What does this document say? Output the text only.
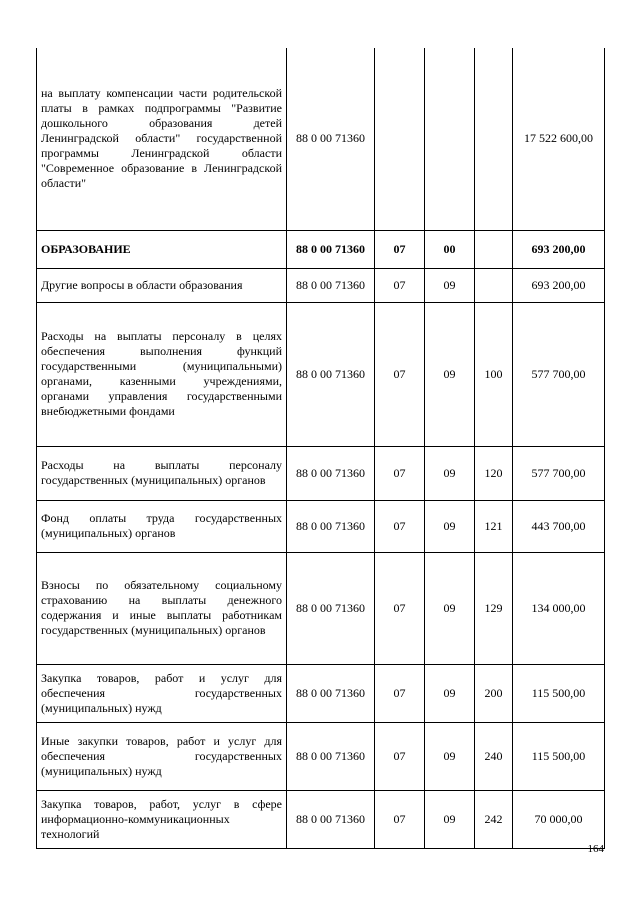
на выплату компенсации части родительской платы в рамках подпрограммы "Развитие дошкольного образования детей Ленинградской области" государственной программы Ленинградской области "Современное образование в Ленинградской области"	88 0 00 71360				17 522 600,00
ОБРАЗОВАНИЕ	88 0 00 71360	07	00		693 200,00
Другие вопросы в области образования	88 0 00 71360	07	09		693 200,00
Расходы на выплаты персоналу в целях обеспечения выполнения функций государственными (муниципальными) органами, казенными учреждениями, органами управления государственными внебюджетными фондами	88 0 00 71360	07	09	100	577 700,00
Расходы на выплаты персоналу государственных (муниципальных) органов	88 0 00 71360	07	09	120	577 700,00
Фонд оплаты труда государственных (муниципальных) органов	88 0 00 71360	07	09	121	443 700,00
Взносы по обязательному социальному страхованию на выплаты денежного содержания и иные выплаты работникам государственных (муниципальных) органов	88 0 00 71360	07	09	129	134 000,00
Закупка товаров, работ и услуг для обеспечения государственных (муниципальных) нужд	88 0 00 71360	07	09	200	115 500,00
Иные закупки товаров, работ и услуг для обеспечения государственных (муниципальных) нужд	88 0 00 71360	07	09	240	115 500,00
Закупка товаров, работ, услуг в сфере информационно-коммуникационных технологий	88 0 00 71360	07	09	242	70 000,00
164
